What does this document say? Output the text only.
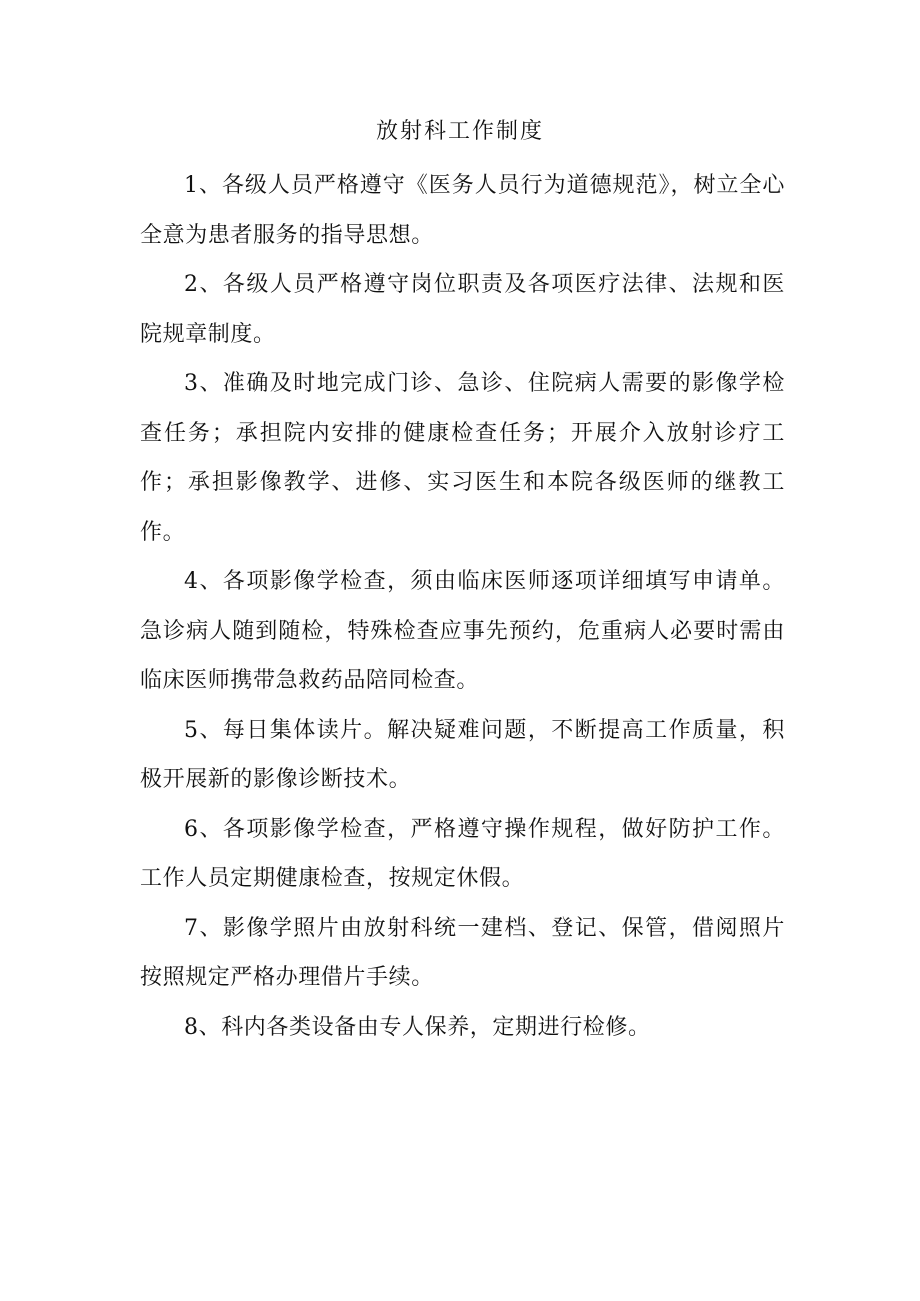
放射科工作制度

1、各级人员严格遵守《医务人员行为道德规范》，树立全心全意为患者服务的指导思想。

2、各级人员严格遵守岗位职责及各项医疗法律、法规和医院规章制度。

3、准确及时地完成门诊、急诊、住院病人需要的影像学检查任务；承担院内安排的健康检查任务；开展介入放射诊疗工作；承担影像教学、进修、实习医生和本院各级医师的继教工作。

4、各项影像学检查，须由临床医师逐项详细填写申请单。急诊病人随到随检，特殊检查应事先预约，危重病人必要时需由临床医师携带急救药品陪同检查。

5、每日集体读片。解决疑难问题，不断提高工作质量，积极开展新的影像诊断技术。

6、各项影像学检查，严格遵守操作规程，做好防护工作。工作人员定期健康检查，按规定休假。

7、影像学照片由放射科统一建档、登记、保管，借阅照片按照规定严格办理借片手续。

8、科内各类设备由专人保养，定期进行检修。
